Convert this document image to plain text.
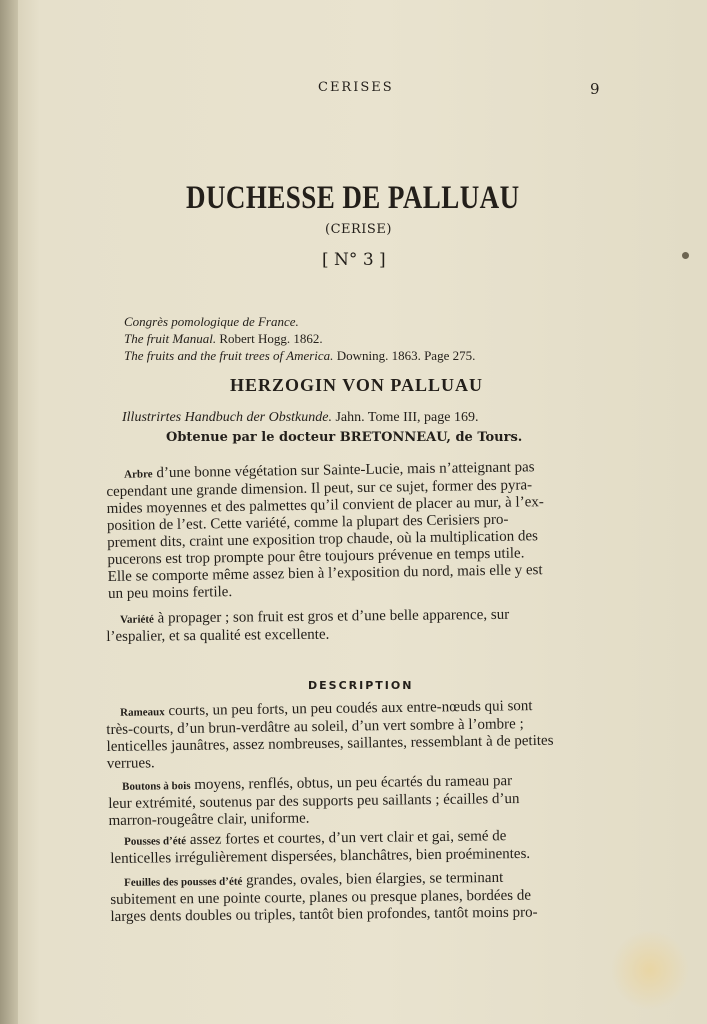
CERISES	9

DUCHESSE DE PALLUAU

(CERISE)

[ N° 3 ]

Congrès pomologique de France.

The fruit Manual. Robert Hogg. 1862.

The fruits and the fruit trees of America. Downing. 1863. Page 275.

HERZOGIN VON PALLUAU

Illustrirtes Handbuch der Obstkunde. Jahn. Tome III, page 169.

Obtenue par le docteur BRETONNEAU, de Tours.

Arbre d’une bonne végétation sur Sainte-Lucie, mais n’atteignant pas
cependant une grande dimension. Il peut, sur ce sujet, former des pyra-
mides moyennes et des palmettes qu’il convient de placer au mur, à l’ex-
position de l’est. Cette variété, comme la plupart des Cerisiers pro-
prement dits, craint une exposition trop chaude, où la multiplication des
pucerons est trop prompte pour être toujours prévenue en temps utile.
Elle se comporte même assez bien à l’exposition du nord, mais elle y est
un peu moins fertile.
Variété à propager ; son fruit est gros et d’une belle apparence, sur
l’espalier, et sa qualité est excellente.

DESCRIPTION

Rameaux courts, un peu forts, un peu coudés aux entre-nœuds qui sont
très-courts, d’un brun-verdâtre au soleil, d’un vert sombre à l’ombre ;
lenticelles jaunâtres, assez nombreuses, saillantes, ressemblant à de petites
verrues.
Boutons à bois moyens, renflés, obtus, un peu écartés du rameau par
leur extrémité, soutenus par des supports peu saillants ; écailles d’un
marron-rougeâtre clair, uniforme.
Pousses d’été assez fortes et courtes, d’un vert clair et gai, semé de
lenticelles irrégulièrement dispersées, blanchâtres, bien proéminentes.
Feuilles des pousses d’été grandes, ovales, bien élargies, se terminant
subitement en une pointe courte, planes ou presque planes, bordées de
larges dents doubles ou triples, tantôt bien profondes, tantôt moins pro-
